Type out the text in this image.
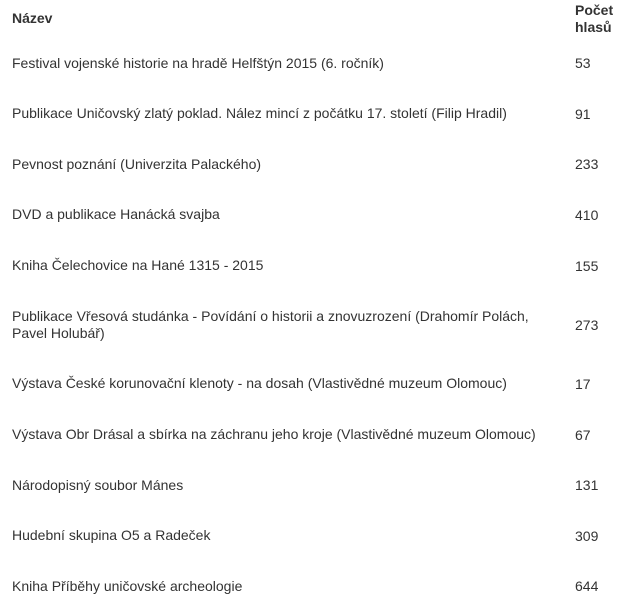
Název	Počet
hlasů
Festival vojenské historie na hradě Helfštýn 2015 (6. ročník)	53
Publikace Uničovský zlatý poklad. Nález mincí z počátku 17. století (Filip Hradil)	91
Pevnost poznání (Univerzita Palackého)	233
DVD a publikace Hanácká svajba	410
Kniha Čelechovice na Hané 1315 - 2015	155
Publikace Vřesová studánka - Povídání o historii a znovuzrození (Drahomír Polách, Pavel Holubář)	273
Výstava České korunovační klenoty - na dosah (Vlastivědné muzeum Olomouc)	17
Výstava Obr Drásal a sbírka na záchranu jeho kroje (Vlastivědné muzeum Olomouc)	67
Národopisný soubor Mánes	131
Hudební skupina O5 a Radeček	309
Kniha Příběhy uničovské archeologie	644
